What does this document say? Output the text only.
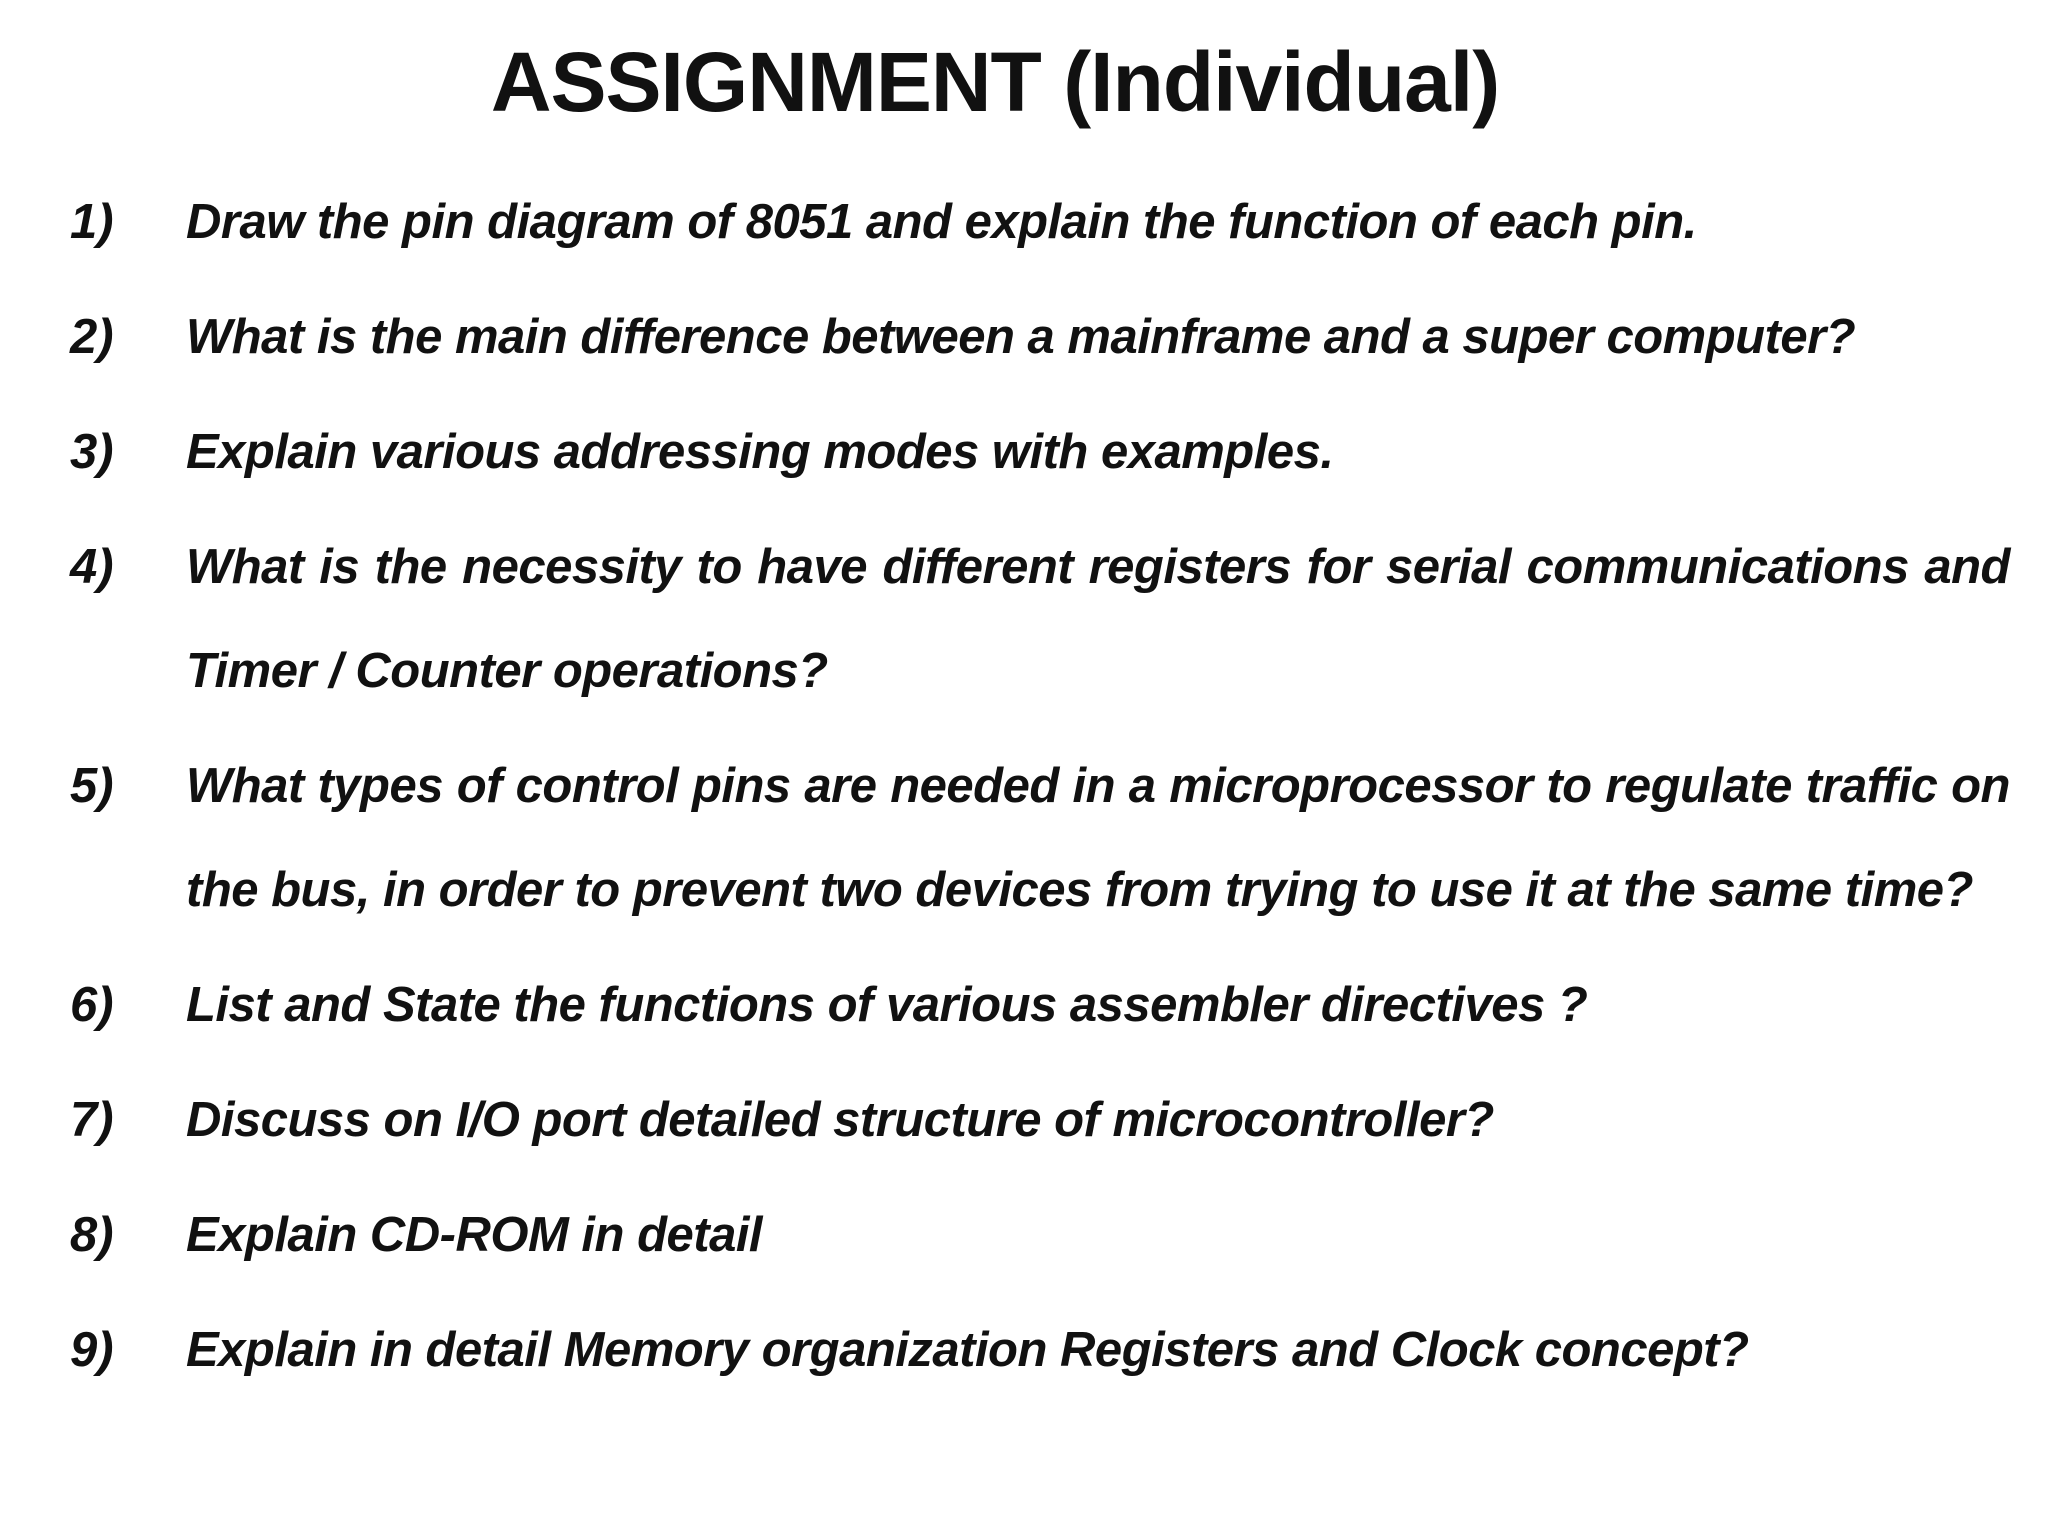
ASSIGNMENT (Individual)
1)	Draw the pin diagram of 8051 and explain the function of each pin.
2)	What is the main difference between a mainframe and a super computer?
3)	Explain various addressing modes with examples.
4)	What is the necessity to have different registers for serial communications and Timer / Counter operations?
5)	What types of control pins are needed in a microprocessor to regulate traffic on the bus, in order to prevent two devices from trying to use it at the same time?
6)	List and State the functions of various assembler directives ?
7)	Discuss on I/O port detailed structure of microcontroller?
8)	Explain CD-ROM in detail
9)	Explain in detail Memory organization Registers and Clock concept?
